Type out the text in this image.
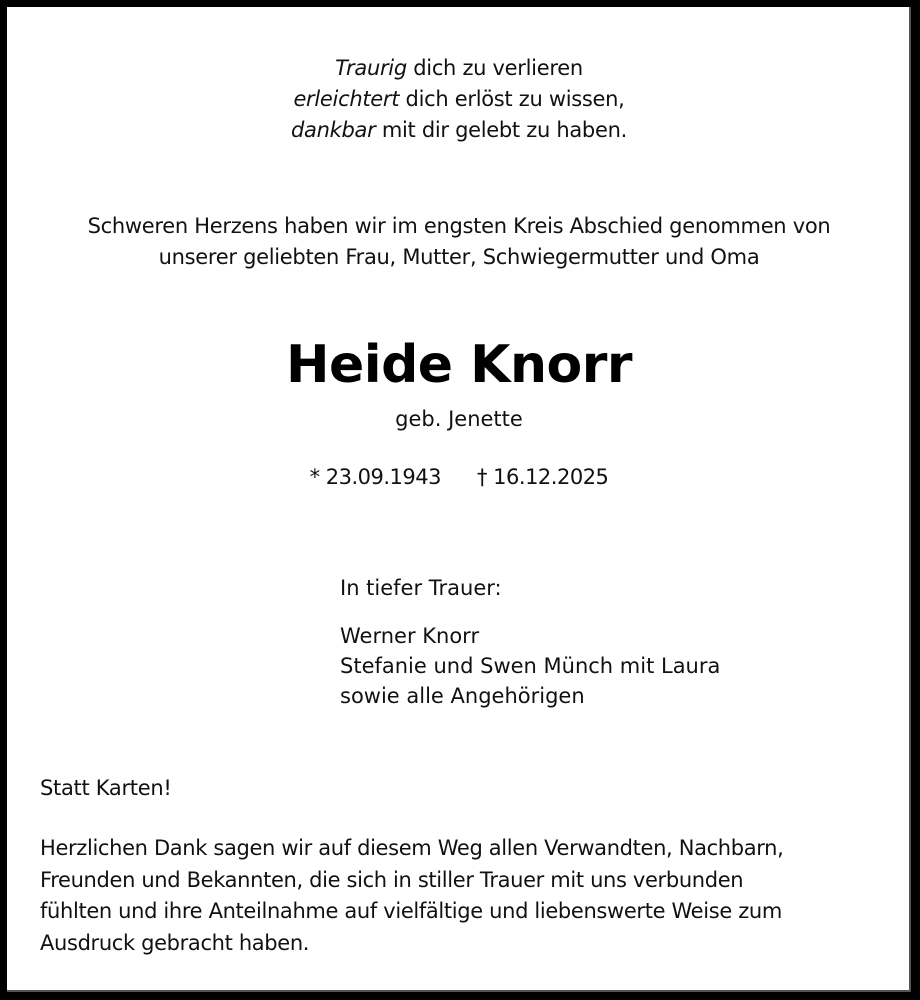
Traurig dich zu verlieren
erleichtert dich erlöst zu wissen,
dankbar mit dir gelebt zu haben.
Schweren Herzens haben wir im engsten Kreis Abschied genommen von
unserer geliebten Frau, Mutter, Schwiegermutter und Oma
Heide Knorr
geb. Jenette
* 23.09.1943 † 16.12.2025
In tiefer Trauer:
Werner Knorr
Stefanie und Swen Münch mit Laura
sowie alle Angehörigen
Statt Karten!
Herzlichen Dank sagen wir auf diesem Weg allen Verwandten, Nachbarn,
Freunden und Bekannten, die sich in stiller Trauer mit uns verbunden
fühlten und ihre Anteilnahme auf vielfältige und liebenswerte Weise zum
Ausdruck gebracht haben.
